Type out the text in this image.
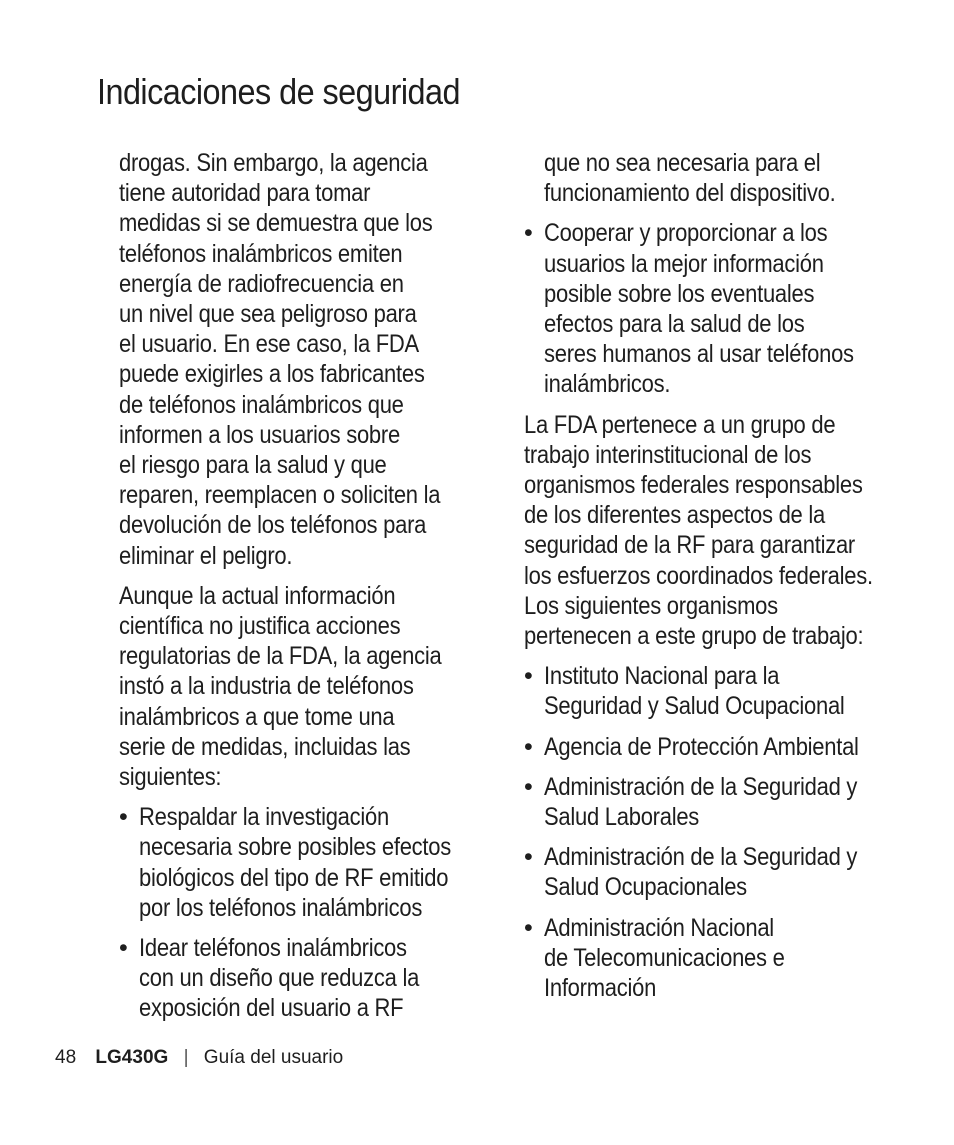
Indicaciones de seguridad

drogas. Sin embargo, la agencia
tiene autoridad para tomar
medidas si se demuestra que los
teléfonos inalámbricos emiten
energía de radiofrecuencia en
un nivel que sea peligroso para
el usuario. En ese caso, la FDA
puede exigirles a los fabricantes
de teléfonos inalámbricos que
informen a los usuarios sobre
el riesgo para la salud y que
reparen, reemplacen o soliciten la
devolución de los teléfonos para
eliminar el peligro.

Aunque la actual información
científica no justifica acciones
regulatorias de la FDA, la agencia
instó a la industria de teléfonos
inalámbricos a que tome una
serie de medidas, incluidas las
siguientes:

• Respaldar la investigación
necesaria sobre posibles efectos
biológicos del tipo de RF emitido
por los teléfonos inalámbricos
• Idear teléfonos inalámbricos
con un diseño que reduzca la
exposición del usuario a RF
que no sea necesaria para el
funcionamiento del dispositivo.
• Cooperar y proporcionar a los
usuarios la mejor información
posible sobre los eventuales
efectos para la salud de los
seres humanos al usar teléfonos
inalámbricos.

La FDA pertenece a un grupo de
trabajo interinstitucional de los
organismos federales responsables
de los diferentes aspectos de la
seguridad de la RF para garantizar
los esfuerzos coordinados federales.
Los siguientes organismos
pertenecen a este grupo de trabajo:

• Instituto Nacional para la
Seguridad y Salud Ocupacional
• Agencia de Protección Ambiental
• Administración de la Seguridad y
Salud Laborales
• Administración de la Seguridad y
Salud Ocupacionales
• Administración Nacional
de Telecomunicaciones e
Información
48 LG430G | Guía del usuario
